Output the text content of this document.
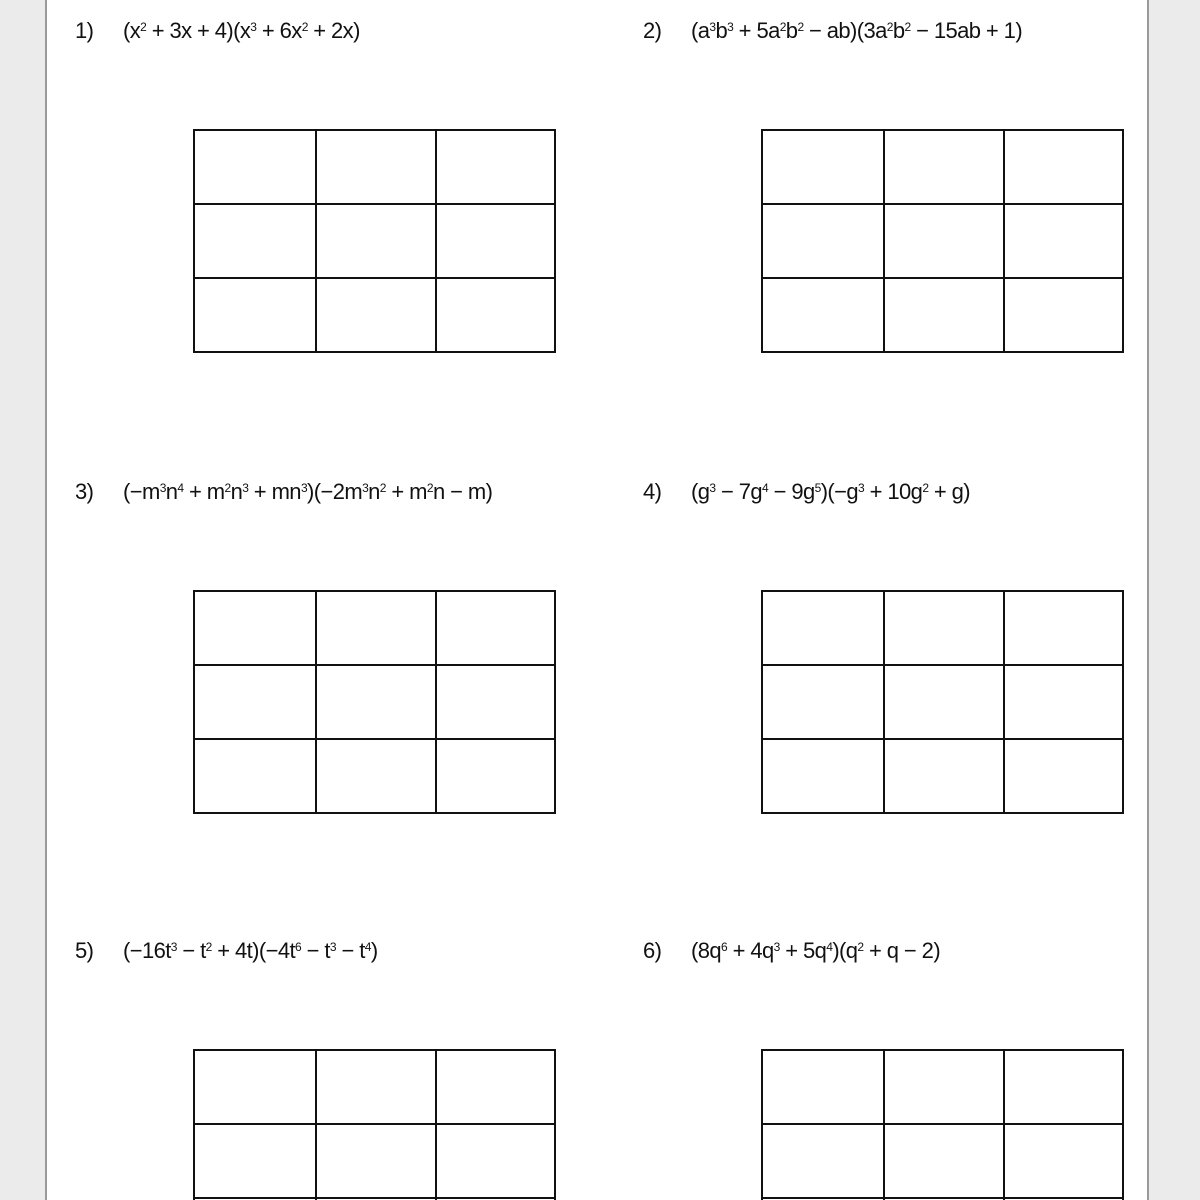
1)	$(x^2 + 3x + 4)(x^3 + 6x^2 + 2x)$

			2)	$(a^3b^3 + 5a^2b^2 - ab)(3a^2b^2 - 15ab + 1)$

3)	$(-m^3n^4 + m^2n^3 + mn^3)(-2m^3n^2 + m^2n - m)$

			4)	$(g^3 - 7g^4 - 9g^5)(-g^3 + 10g^2 + g)$

5)	$(-16t^3 - t^2 + 4t)(-4t^6 - t^3 - t^4)$

			6)	$(8q^6 + 4q^3 + 5q^4)(q^2 + q - 2)$
